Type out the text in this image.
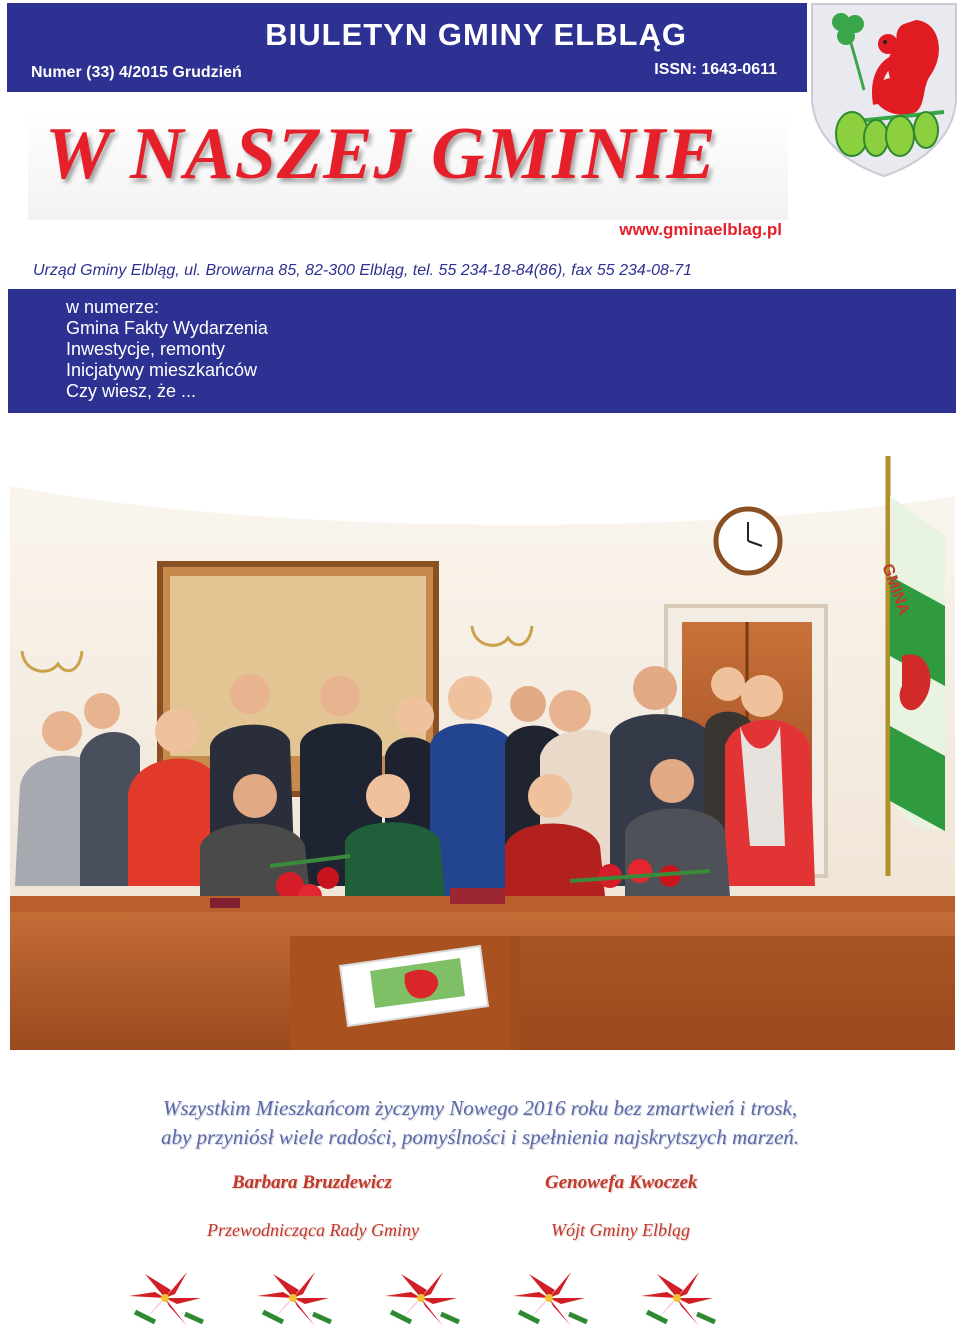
BIULETYN GMINY ELBLĄG
Numer (33) 4/2015 Grudzień	ISSN: 1643-0611
W NASZEJ GMINIE
www.gminaelblag.pl
Urząd Gminy Elbląg, ul. Browarna 85, 82-300 Elbląg, tel. 55 234-18-84(86), fax 55 234-08-71
w numerze:
Gmina Fakty Wydarzenia
Inwestycje, remonty
Inicjatywy mieszkańców
Czy wiesz, że ...
GMINA
Wszystkim Mieszkańcom życzymy Nowego 2016 roku bez zmartwień i trosk,
aby przyniósł wiele radości, pomyślności i spełnienia najskrytszych marzeń.
Barbara Bruzdewicz	Genowefa Kwoczek
Przewodnicząca Rady Gminy	Wójt Gminy Elbląg
